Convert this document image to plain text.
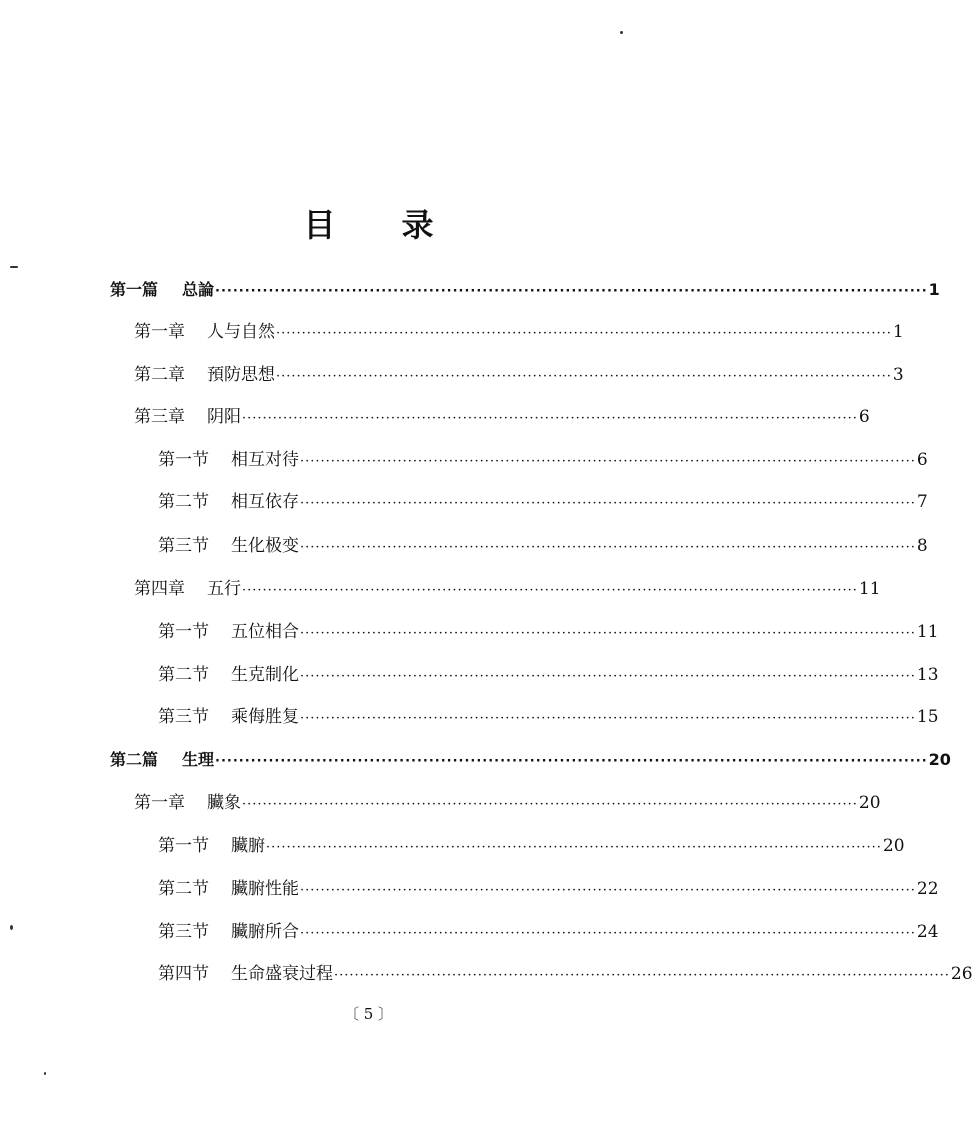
目 录
第一篇 总論 ························································································································ 1
第一章 人与自然 ························································································································ 1
第二章 預防思想 ························································································································ 3
第三章 阴阳 ························································································································ 6
第一节 相互对待 ························································································································ 6
第二节 相互依存 ························································································································ 7
第三节 生化极变 ························································································································ 8
第四章 五行 ························································································································ 11
第一节 五位相合 ························································································································ 11
第二节 生克制化 ························································································································ 13
第三节 乘侮胜复 ························································································································ 15
第二篇 生理 ························································································································ 20
第一章 臟象 ························································································································ 20
第一节 臟腑 ························································································································ 20
第二节 臟腑性能 ························································································································ 22
第三节 臟腑所合 ························································································································ 24
第四节 生命盛衰过程 ························································································································ 26
〔 5 〕
